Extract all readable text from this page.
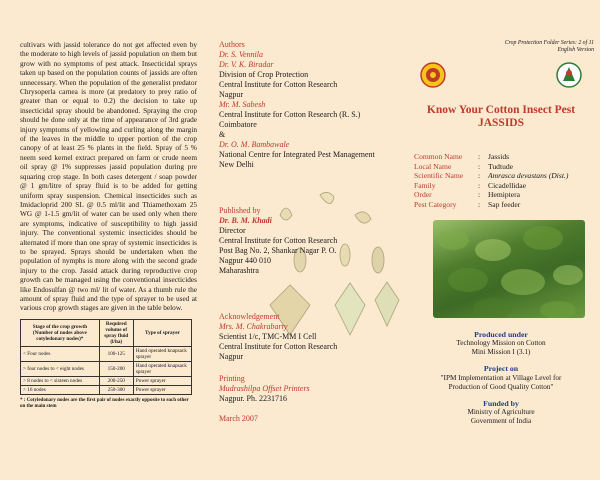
cultivars with jassid tolerance do not get affected even by the moderate to high levels of jassid population on them but grow with no symptoms of pest attack. Insecticidal sprays taken up based on the population counts of jassids are often unnecessary. When the population of the generalist predator Chrysoperla carnea is more (at predatory to prey ratio of greater than or equal to 0.2) the decision to take up insecticidal spray should be abandoned. Spraying the crop should be done only at the time of appearance of 3rd grade injury symptoms of yellowing and curling along the margin of the leaves in the middle to upper portion of the crop canopy of at least 25 % plants in the field. Spray of 5 % neem seed kernel extract prepared on farm or crude neem oil spray @ 1% suppresses jassid population during pre squaring crop stage. In both cases detergent / soap powder @ 1 gm/litre of spray fluid is to be added for getting uniform spray suspension. Chemical insecticides such as Imidacloprid 200 SL @ 0.5 ml/lit and Thiamethoxam 25 WG @ 1-1.5 gm/lit of water can be used only when there are symptoms, indicative of susceptibility to high jassid injury. The conventional systemic insecticides should be alternated if more than one spray of systemic insecticides is to be sprayed. Sprays should be undertaken when the population of nymphs is more along with the second grade injury to the crop. Jassid attack during reproductive crop growth can be managed using the conventional insecticides like Endosulfan @ two ml/ lit of water. As a thumb rule the amount of spray fluid and the type of sprayer to be used at various crop growth stages are given in the table below.

Stage of the crop growth (Number of nodes above cotyledonary nodes)*	Required volume of spray fluid (l/ha)	Type of sprayer
< Four nodes	100-125	Hand operated knapsack sprayer
> four nodes to < eight nodes	150-200	Hand operated knapsack sprayer
> 8 nodes to < sixteen nodes	200-250	Power sprayer
> 16 nodes	250-300	Power sprayer

* : Cotyledonary nodes are the first pair of nodes exactly opposite to each other on the main stem

Authors

Dr. S. Vennila

Dr. V. K. Biradar

Division of Crop Protection

Central Institute for Cotton Research

Nagpur

Mr. M. Sabesh

Central Institute for Cotton Research (R. S.)

Coimbatore

&

Dr. O. M. Bambawale

National Centre for Integrated Pest Management

New Delhi

Published by

Dr. B. M. Khadi

Director

Central Institute for Cotton Research

Post Bag No. 2, Shankar Nagar P. O.

Nagpur 440 010

Maharashtra

Acknowledgement

Mrs. M. Chakrabarty

Scientist 1/c, TMC-MM I Cell

Central Institute for Cotton Research

Nagpur

Printing

Mudrashilpa Offset Printers

Nagpur. Ph. 2231716

March 2007

Crop Protection Folder Series: 2 of 11

English Version

Know Your Cotton Insect Pest

JASSIDS

Common Name	:	Jassids
Local Name	:	Tudtude
Scientific Name	:	Amrasca devastans (Dist.)
Family	:	Cicadellidae
Order	:	Hemiptera
Pest Category	:	Sap feeder

Produced under

Technology Mission on Cotton

Mini Mission I (3.1)

Project on

"IPM Implementation at Village Level for

Production of Good Quality Cotton"

Funded by

Ministry of Agriculture

Government of India
